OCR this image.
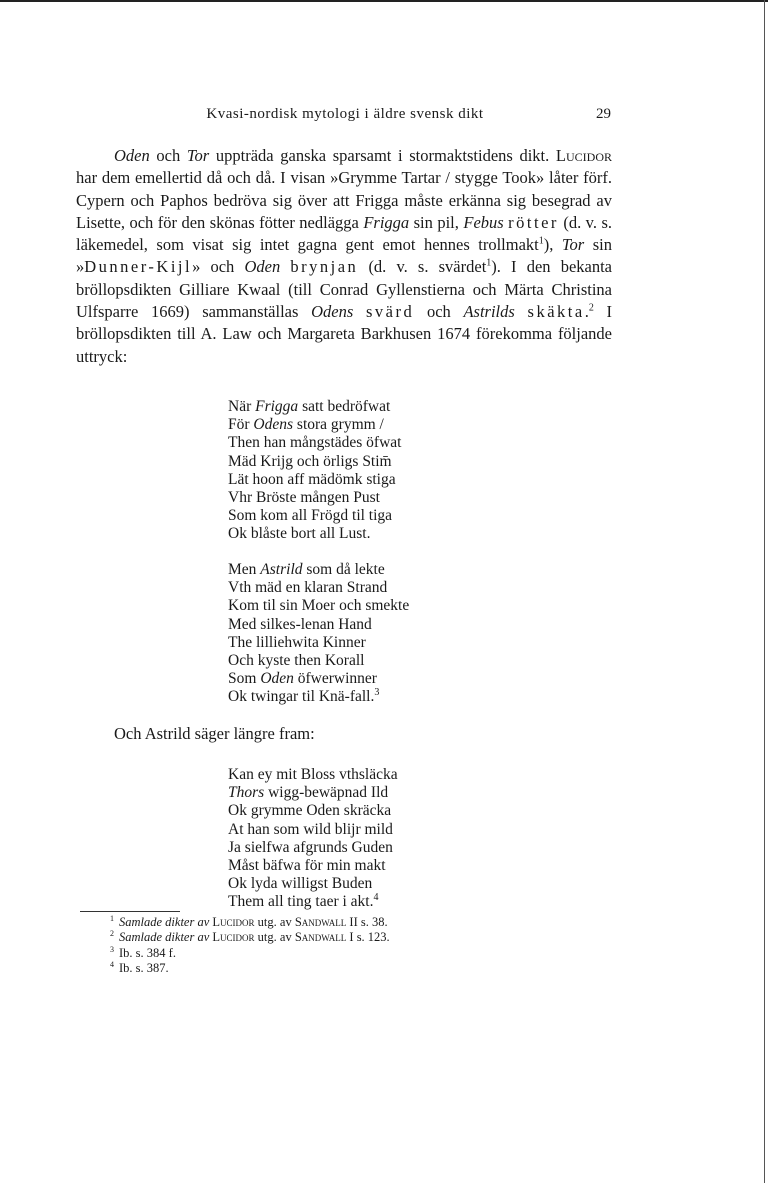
Kvasi-nordisk mytologi i äldre svensk dikt	29

Oden och Tor uppträda ganska sparsamt i stormaktstidens dikt. Lucidor har dem emellertid då och då. I visan »Grymme Tartar / stygge Took» låter förf. Cypern och Paphos bedröva sig över att Frigga måste erkänna sig besegrad av Lisette, och för den skönas fötter nedlägga Frigga sin pil, Febus rötter (d. v. s. läkemedel, som visat sig intet gagna gent emot hennes trollmakt$^1$), Tor sin »Dunner-Kijl» och Oden brynjan (d. v. s. svärdet$^1$). I den bekanta bröllopsdikten Gilliare Kwaal (till Conrad Gyllenstierna och Märta Christina Ulfsparre 1669) sammanställas Odens svärd och Astrilds skäkta.$^2$ I bröllopsdikten till A. Law och Margareta Barkhusen 1674 förekomma följande uttryck:

När Frigga satt bedröfwat
För Odens stora grymm /
Then han mångstädes öfwat
Mäd Krijg och örligs Stim̄
Lät hoon aff mädömk stiga
Vhr Bröste mången Pust
Som kom all Frögd til tiga
Ok blåste bort all Lust.
Men Astrild som då lekte
Vth mäd en klaran Strand
Kom til sin Moer och smekte
Med silkes-lenan Hand
The lilliehwita Kinner
Och kyste then Korall
Som Oden öfwerwinner
Ok twingar til Knä-fall.$^3$
Och Astrild säger längre fram:
Kan ey mit Bloss vthsläcka
Thors wigg-bewäpnad Ild
Ok grymme Oden skräcka
At han som wild blijr mild
Ja sielfwa afgrunds Guden
Måst bäfwa för min makt
Ok lyda willigst Buden
Them all ting taer i akt.$^4$
$^1$ Samlade dikter av Lucidor utg. av Sandwall II s. 38.
$^2$ Samlade dikter av Lucidor utg. av Sandwall I s. 123.
$^3$ Ib. s. 384 f.
$^4$ Ib. s. 387.
